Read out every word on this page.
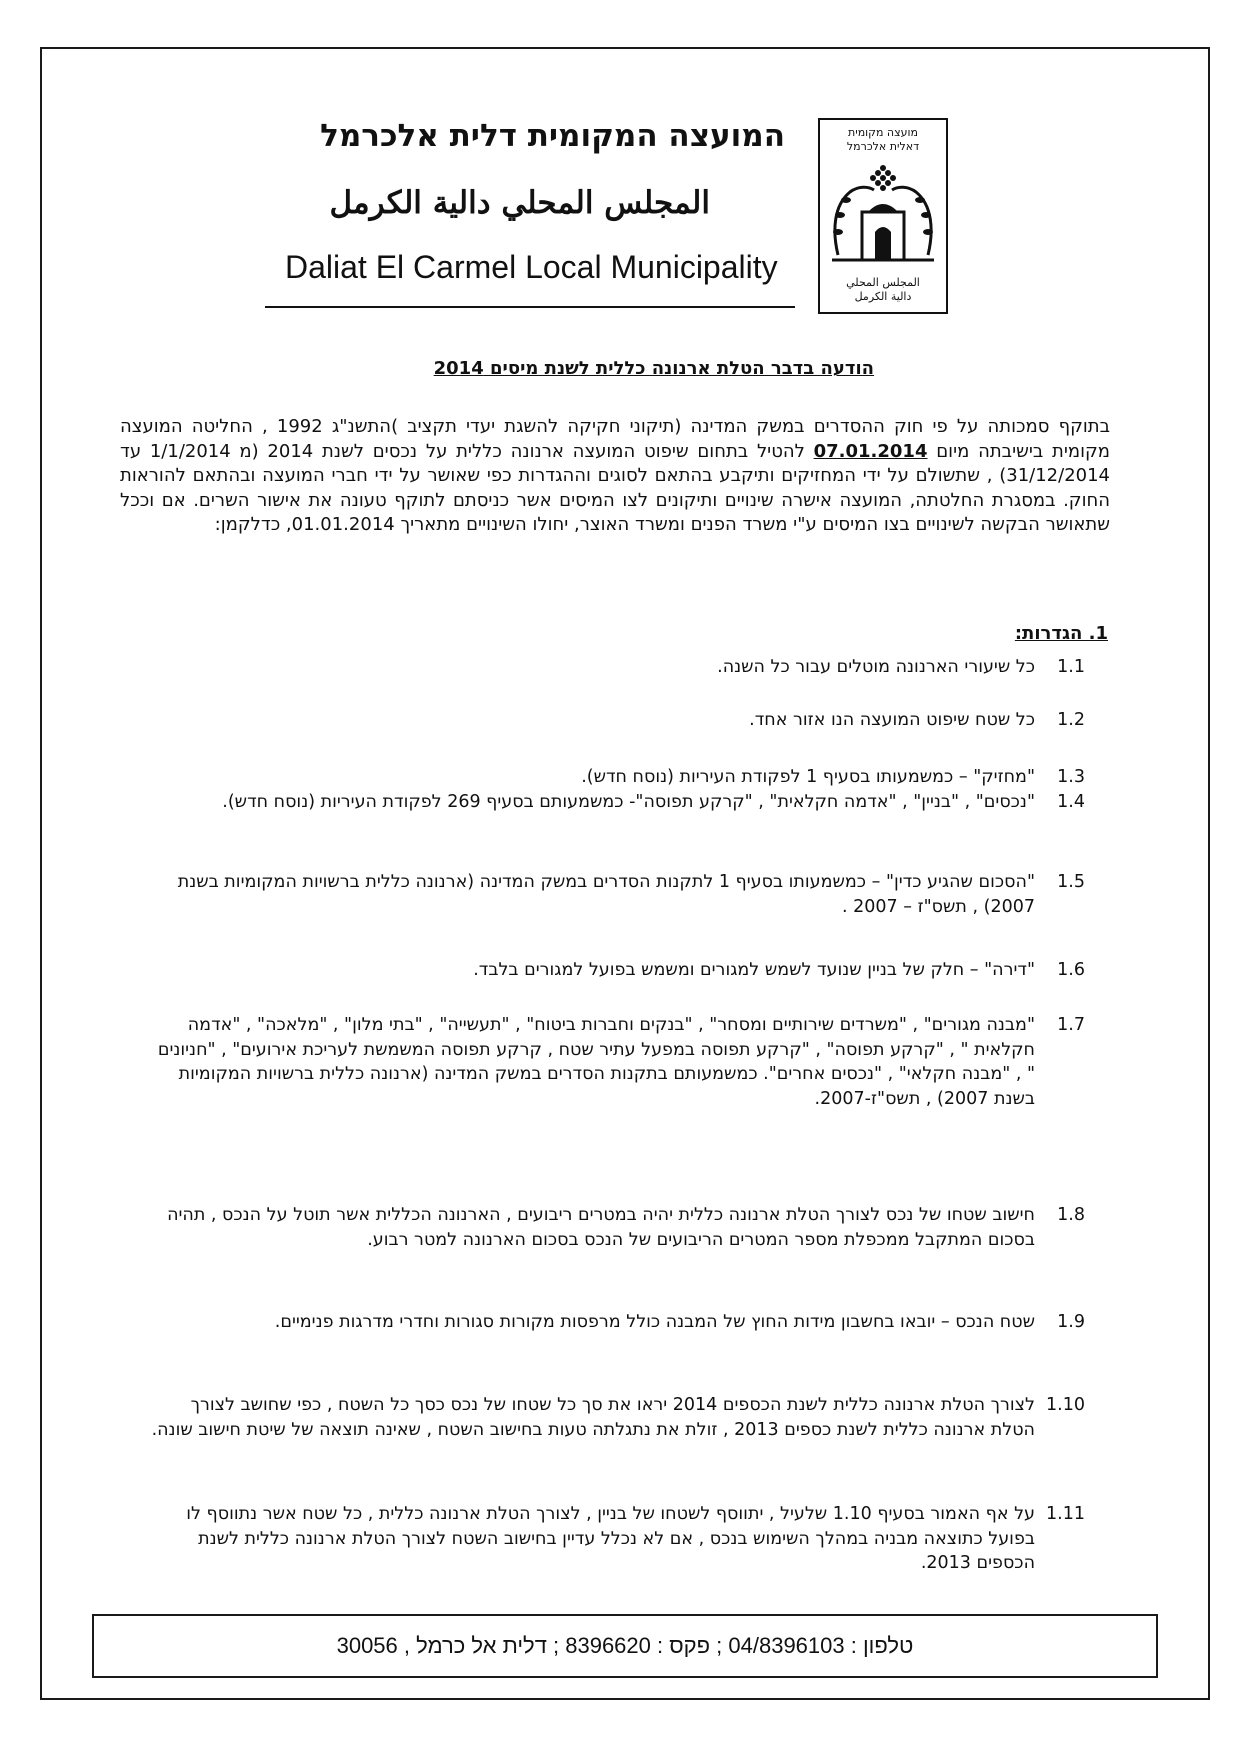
המועצה המקומית דלית אלכרמל
المجلس المحلي دالية الكرمل
Daliat El Carmel Local Municipality
מועצה מקומית
דאלית אלכרמל
المجلس المحلي
دالية الكرمل
הודעה בדבר הטלת ארנונה כללית לשנת מיסים 2014
בתוקף סמכותה על פי חוק ההסדרים במשק המדינה (תיקוני חקיקה להשגת יעדי תקציב )התשנ"ג 1992 , החליטה המועצה מקומית בישיבתה מיום 07.01.2014 להטיל בתחום שיפוט המועצה ארנונה כללית על נכסים לשנת 2014 (מ 1/1/2014 עד 31/12/2014) , שתשולם על ידי המחזיקים ותיקבע בהתאם לסוגים וההגדרות כפי שאושר על ידי חברי המועצה ובהתאם להוראות החוק. במסגרת החלטתה, המועצה אישרה שינויים ותיקונים לצו המיסים אשר כניסתם לתוקף טעונה את אישור השרים. אם וככל שתאושר הבקשה לשינויים בצו המיסים ע"י משרד הפנים ומשרד האוצר, יחולו השינויים מתאריך 01.01.2014, כדלקמן:
1. הגדרות:
1.1
כל שיעורי הארנונה מוטלים עבור כל השנה.
1.2
כל שטח שיפוט המועצה הנו אזור אחד.
1.3
"מחזיק" – כמשמעותו בסעיף 1 לפקודת העיריות (נוסח חדש).
1.4
"נכסים" , "בניין" , "אדמה חקלאית" , "קרקע תפוסה"- כמשמעותם בסעיף 269 לפקודת העיריות (נוסח חדש).
1.5
"הסכום שהגיע כדין" – כמשמעותו בסעיף 1 לתקנות הסדרים במשק המדינה (ארנונה כללית ברשויות המקומיות בשנת 2007) , תשס"ז – 2007 .
1.6
"דירה" – חלק של בניין שנועד לשמש למגורים ומשמש בפועל למגורים בלבד.
1.7
"מבנה מגורים" , "משרדים שירותיים ומסחר" , "בנקים וחברות ביטוח" , "תעשייה" , "בתי מלון" , "מלאכה" , "אדמה חקלאית " , "קרקע תפוסה" , "קרקע תפוסה במפעל עתיר שטח , קרקע תפוסה המשמשת לעריכת אירועים" , "חניונים " , "מבנה חקלאי" , "נכסים אחרים". כמשמעותם בתקנות הסדרים במשק המדינה (ארנונה כללית ברשויות המקומיות בשנת 2007) , תשס"ז-2007.
1.8
חישוב שטחו של נכס לצורך הטלת ארנונה כללית יהיה במטרים ריבועים , הארנונה הכללית אשר תוטל על הנכס , תהיה בסכום המתקבל ממכפלת מספר המטרים הריבועים של הנכס בסכום הארנונה למטר רבוע.
1.9
שטח הנכס – יובאו בחשבון מידות החוץ של המבנה כולל מרפסות מקורות סגורות וחדרי מדרגות פנימיים.
1.10
לצורך הטלת ארנונה כללית לשנת הכספים 2014 יראו את סך כל שטחו של נכס כסך כל השטח , כפי שחושב לצורך הטלת ארנונה כללית לשנת כספים 2013 , זולת את נתגלתה טעות בחישוב השטח , שאינה תוצאה של שיטת חישוב שונה.
1.11
על אף האמור בסעיף 1.10 שלעיל , יתווסף לשטחו של בניין , לצורך הטלת ארנונה כללית , כל שטח אשר נתווסף לו בפועל כתוצאה מבניה במהלך השימוש בנכס , אם לא נכלל עדיין בחישוב השטח לצורך הטלת ארנונה כללית לשנת הכספים 2013.
טלפון : 04/8396103 ; פקס : 8396620 ; דלית אל כרמל , 30056
